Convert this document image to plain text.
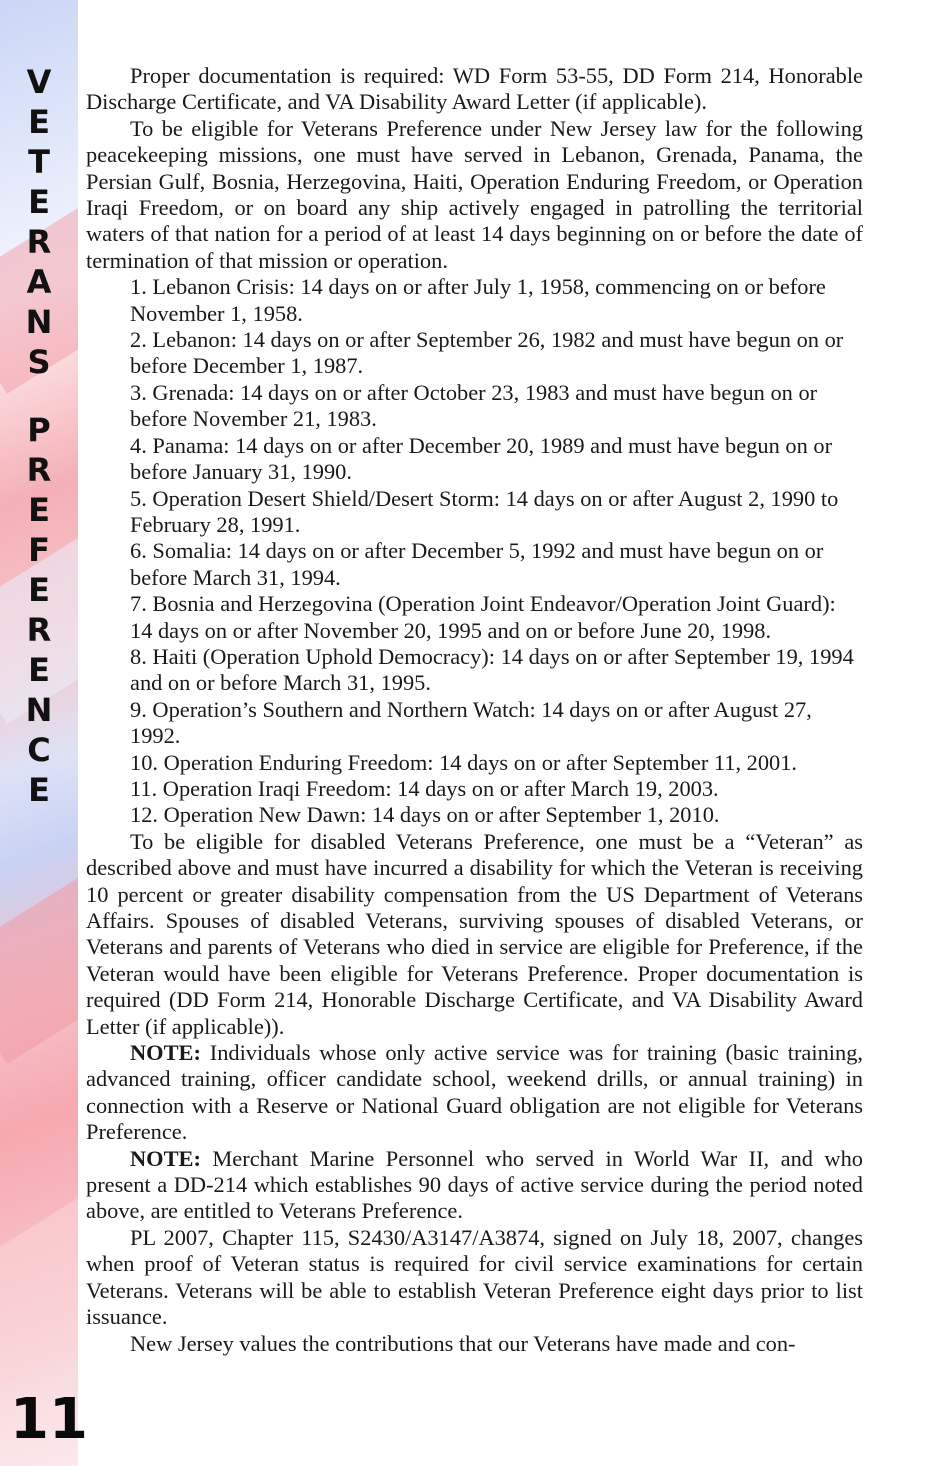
V
E
T
E
R
A
N
S
P
R
E
F
E
R
E
N
C
E
11

Proper documentation is required: WD Form 53-55, DD Form 214, Honorable Discharge Certificate, and VA Disability Award Letter (if applicable).

To be eligible for Veterans Preference under New Jersey law for the following peacekeeping missions, one must have served in Lebanon, Grenada, Panama, the Persian Gulf, Bosnia, Herzegovina, Haiti, Operation Enduring Freedom, or Operation Iraqi Freedom, or on board any ship actively engaged in patrolling the territorial waters of that nation for a period of at least 14 days beginning on or before the date of termination of that mission or operation.

1. Lebanon Crisis: 14 days on or after July 1, 1958, commencing on or before November 1, 1958.
2. Lebanon: 14 days on or after September 26, 1982 and must have begun on or before December 1, 1987.
3. Grenada: 14 days on or after October 23, 1983 and must have begun on or before November 21, 1983.
4. Panama: 14 days on or after December 20, 1989 and must have begun on or before January 31, 1990.
5. Operation Desert Shield/Desert Storm: 14 days on or after August 2, 1990 to February 28, 1991.
6. Somalia: 14 days on or after December 5, 1992 and must have begun on or before March 31, 1994.
7. Bosnia and Herzegovina (Operation Joint Endeavor/Operation Joint Guard): 14 days on or after November 20, 1995 and on or before June 20, 1998.
8. Haiti (Operation Uphold Democracy): 14 days on or after September 19, 1994 and on or before March 31, 1995.
9. Operation’s Southern and Northern Watch: 14 days on or after August 27, 1992.
10. Operation Enduring Freedom: 14 days on or after September 11, 2001.
11. Operation Iraqi Freedom: 14 days on or after March 19, 2003.
12. Operation New Dawn: 14 days on or after September 1, 2010.

To be eligible for disabled Veterans Preference, one must be a “Veteran” as described above and must have incurred a disability for which the Veteran is receiving 10 percent or greater disability compensation from the US Department of Veterans Affairs. Spouses of disabled Veterans, surviving spouses of disabled Veterans, or Veterans and parents of Veterans who died in service are eligible for Preference, if the Veteran would have been eligible for Veterans Preference. Proper documentation is required (DD Form 214, Honorable Discharge Certificate, and VA Disability Award Letter (if applicable)).

NOTE: Individuals whose only active service was for training (basic training, advanced training, officer candidate school, weekend drills, or annual training) in connection with a Reserve or National Guard obligation are not eligible for Veterans Preference.

NOTE: Merchant Marine Personnel who served in World War II, and who present a DD-214 which establishes 90 days of active service during the period noted above, are entitled to Veterans Preference.

PL 2007, Chapter 115, S2430/A3147/A3874, signed on July 18, 2007, changes when proof of Veteran status is required for civil service examinations for certain Veterans. Veterans will be able to establish Veteran Preference eight days prior to list issuance.

New Jersey values the contributions that our Veterans have made and con-
